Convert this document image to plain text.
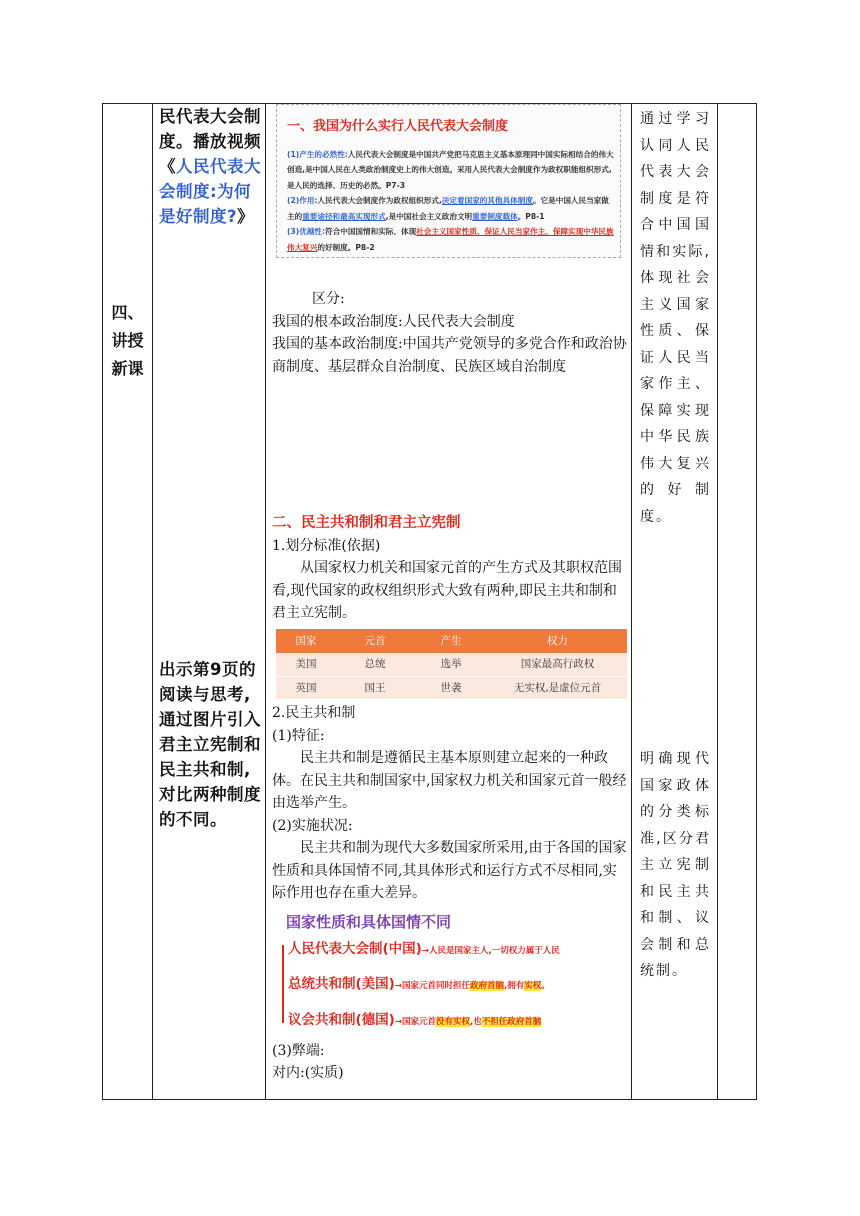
四、
讲授
新课

民代表大会制度。播放视频《人民代表大会制度:为何是好制度?》
出示第9页的阅读与思考,通过图片引入君主立宪制和民主共和制,对比两种制度的不同。

一、我国为什么实行人民代表大会制度
(1)产生的必然性:人民代表大会制度是中国共产党把马克思主义基本原理同中国实际相结合的伟大创造,是中国人民在人类政治制度史上的伟大创造。采用人民代表大会制度作为政权职能组织形式,是人民的选择、历史的必然。P7-3
(2)作用:人民代表大会制度作为政权组织形式,决定着国家的其他具体制度。它是中国人民当家做主的重要途径和最高实现形式,是中国社会主义政治文明重要制度载体。P8-1
(3)优越性:符合中国国情和实际、体现社会主义国家性质、保证人民当家作主、保障实现中华民族伟大复兴的好制度。P8-2
区分:
我国的根本政治制度:人民代表大会制度
我国的基本政治制度:中国共产党领导的多党合作和政治协商制度、基层群众自治制度、民族区域自治制度
二、民主共和制和君主立宪制
1.划分标准(依据)
从国家权力机关和国家元首的产生方式及其职权范围看,现代国家的政权组织形式大致有两种,即民主共和制和君主立宪制。
国家	元首	产生	权力
美国	总统	选举	国家最高行政权
英国	国王	世袭	无实权,是虚位元首
2.民主共和制
(1)特征:
民主共和制是遵循民主基本原则建立起来的一种政体。在民主共和制国家中,国家权力机关和国家元首一般经由选举产生。
(2)实施状况:
民主共和制为现代大多数国家所采用,由于各国的国家性质和具体国情不同,其具体形式和运行方式不尽相同,实际作用也存在重大差异。
国家性质和具体国情不同
人民代表大会制(中国)→人民是国家主人,一切权力属于人民
总统共和制(美国)→国家元首同时担任政府首脑,拥有实权。
议会共和制(德国)→国家元首没有实权,也不担任政府首脑
(3)弊端:
对内:(实质)

通过学习认同人民代表大会制度是符合中国国情和实际,体现社会主义国家性质、保证人民当家作主、保障实现中华民族伟大复兴的好制度。
明确现代国家政体的分类标准,区分君主立宪制和民主共和制、议会制和总统制。
